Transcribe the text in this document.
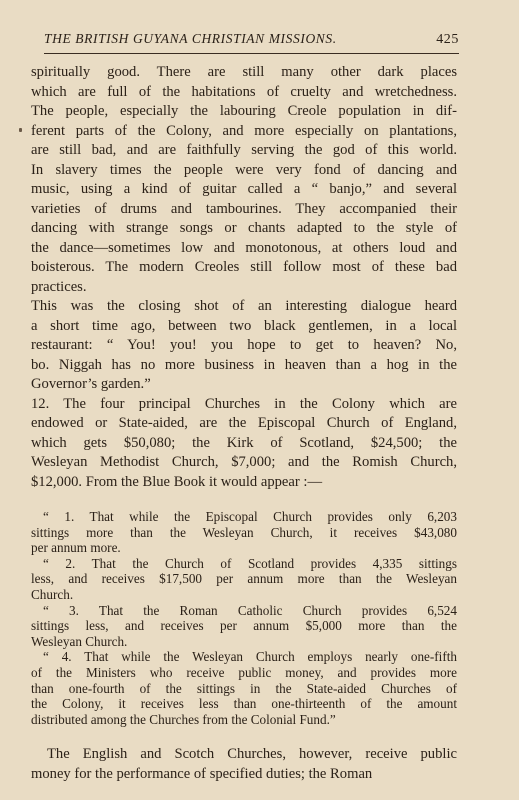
THE BRITISH GUYANA CHRISTIAN MISSIONS.	425
spiritually good. There are still many other dark places
which are full of the habitations of cruelty and wretchedness.
The people, especially the labouring Creole population in dif-
ferent parts of the Colony, and more especially on plantations,
are still bad, and are faithfully serving the god of this world.
In slavery times the people were very fond of dancing and
music, using a kind of guitar called a “ banjo,” and several
varieties of drums and tambourines. They accompanied their
dancing with strange songs or chants adapted to the style of
the dance—sometimes low and monotonous, at others loud and
boisterous. The modern Creoles still follow most of these bad
practices.
This was the closing shot of an interesting dialogue heard
a short time ago, between two black gentlemen, in a local
restaurant: “ You! you! you hope to get to heaven? No,
bo. Niggah has no more business in heaven than a hog in the
Governor’s garden.”
12. The four principal Churches in the Colony which are
endowed or State-aided, are the Episcopal Church of England,
which gets $50,080; the Kirk of Scotland, $24,500; the
Wesleyan Methodist Church, $7,000; and the Romish Church,
$12,000. From the Blue Book it would appear :—
“ 1. That while the Episcopal Church provides only 6,203
sittings more than the Wesleyan Church, it receives $43,080
per annum more.
“ 2. That the Church of Scotland provides 4,335 sittings
less, and receives $17,500 per annum more than the Wesleyan
Church.
“ 3. That the Roman Catholic Church provides 6,524
sittings less, and receives per annum $5,000 more than the
Wesleyan Church.
“ 4. That while the Wesleyan Church employs nearly one-fifth
of the Ministers who receive public money, and provides more
than one-fourth of the sittings in the State-aided Churches of
the Colony, it receives less than one-thirteenth of the amount
distributed among the Churches from the Colonial Fund.”
The English and Scotch Churches, however, receive public
money for the performance of specified duties; the Roman
